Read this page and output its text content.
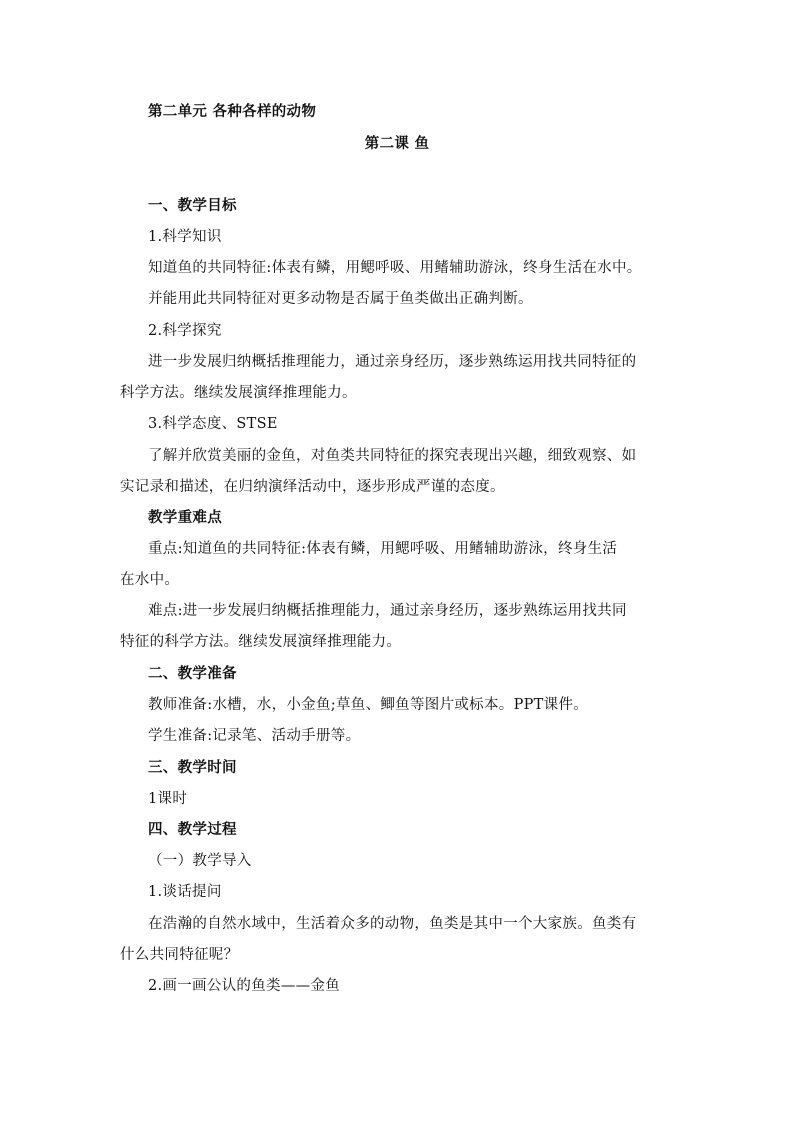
第二单元 各种各样的动物
第二课 鱼
一、教学目标
1.科学知识
知道鱼的共同特征:体表有鳞，用鳃呼吸、用鳍辅助游泳，终身生活在水中。
并能用此共同特征对更多动物是否属于鱼类做出正确判断。
2.科学探究
进一步发展归纳概括推理能力，通过亲身经历，逐步熟练运用找共同特征的
科学方法。继续发展演绎推理能力。
3.科学态度、STSE
了解并欣赏美丽的金鱼，对鱼类共同特征的探究表现出兴趣，细致观察、如
实记录和描述，在归纳演绎活动中，逐步形成严谨的态度。
教学重难点
重点:知道鱼的共同特征:体表有鳞，用鳃呼吸、用鳍辅助游泳，终身生活
在水中。
难点:进一步发展归纳概括推理能力，通过亲身经历，逐步熟练运用找共同
特征的科学方法。继续发展演绎推理能力。
二、教学准备
教师准备:水槽，水，小金鱼;草鱼、鲫鱼等图片或标本。PPT课件。
学生准备:记录笔、活动手册等。
三、教学时间
1课时
四、教学过程
（一）教学导入
1.谈话提问
在浩瀚的自然水域中，生活着众多的动物，鱼类是其中一个大家族。鱼类有
什么共同特征呢？
2.画一画公认的鱼类——金鱼
